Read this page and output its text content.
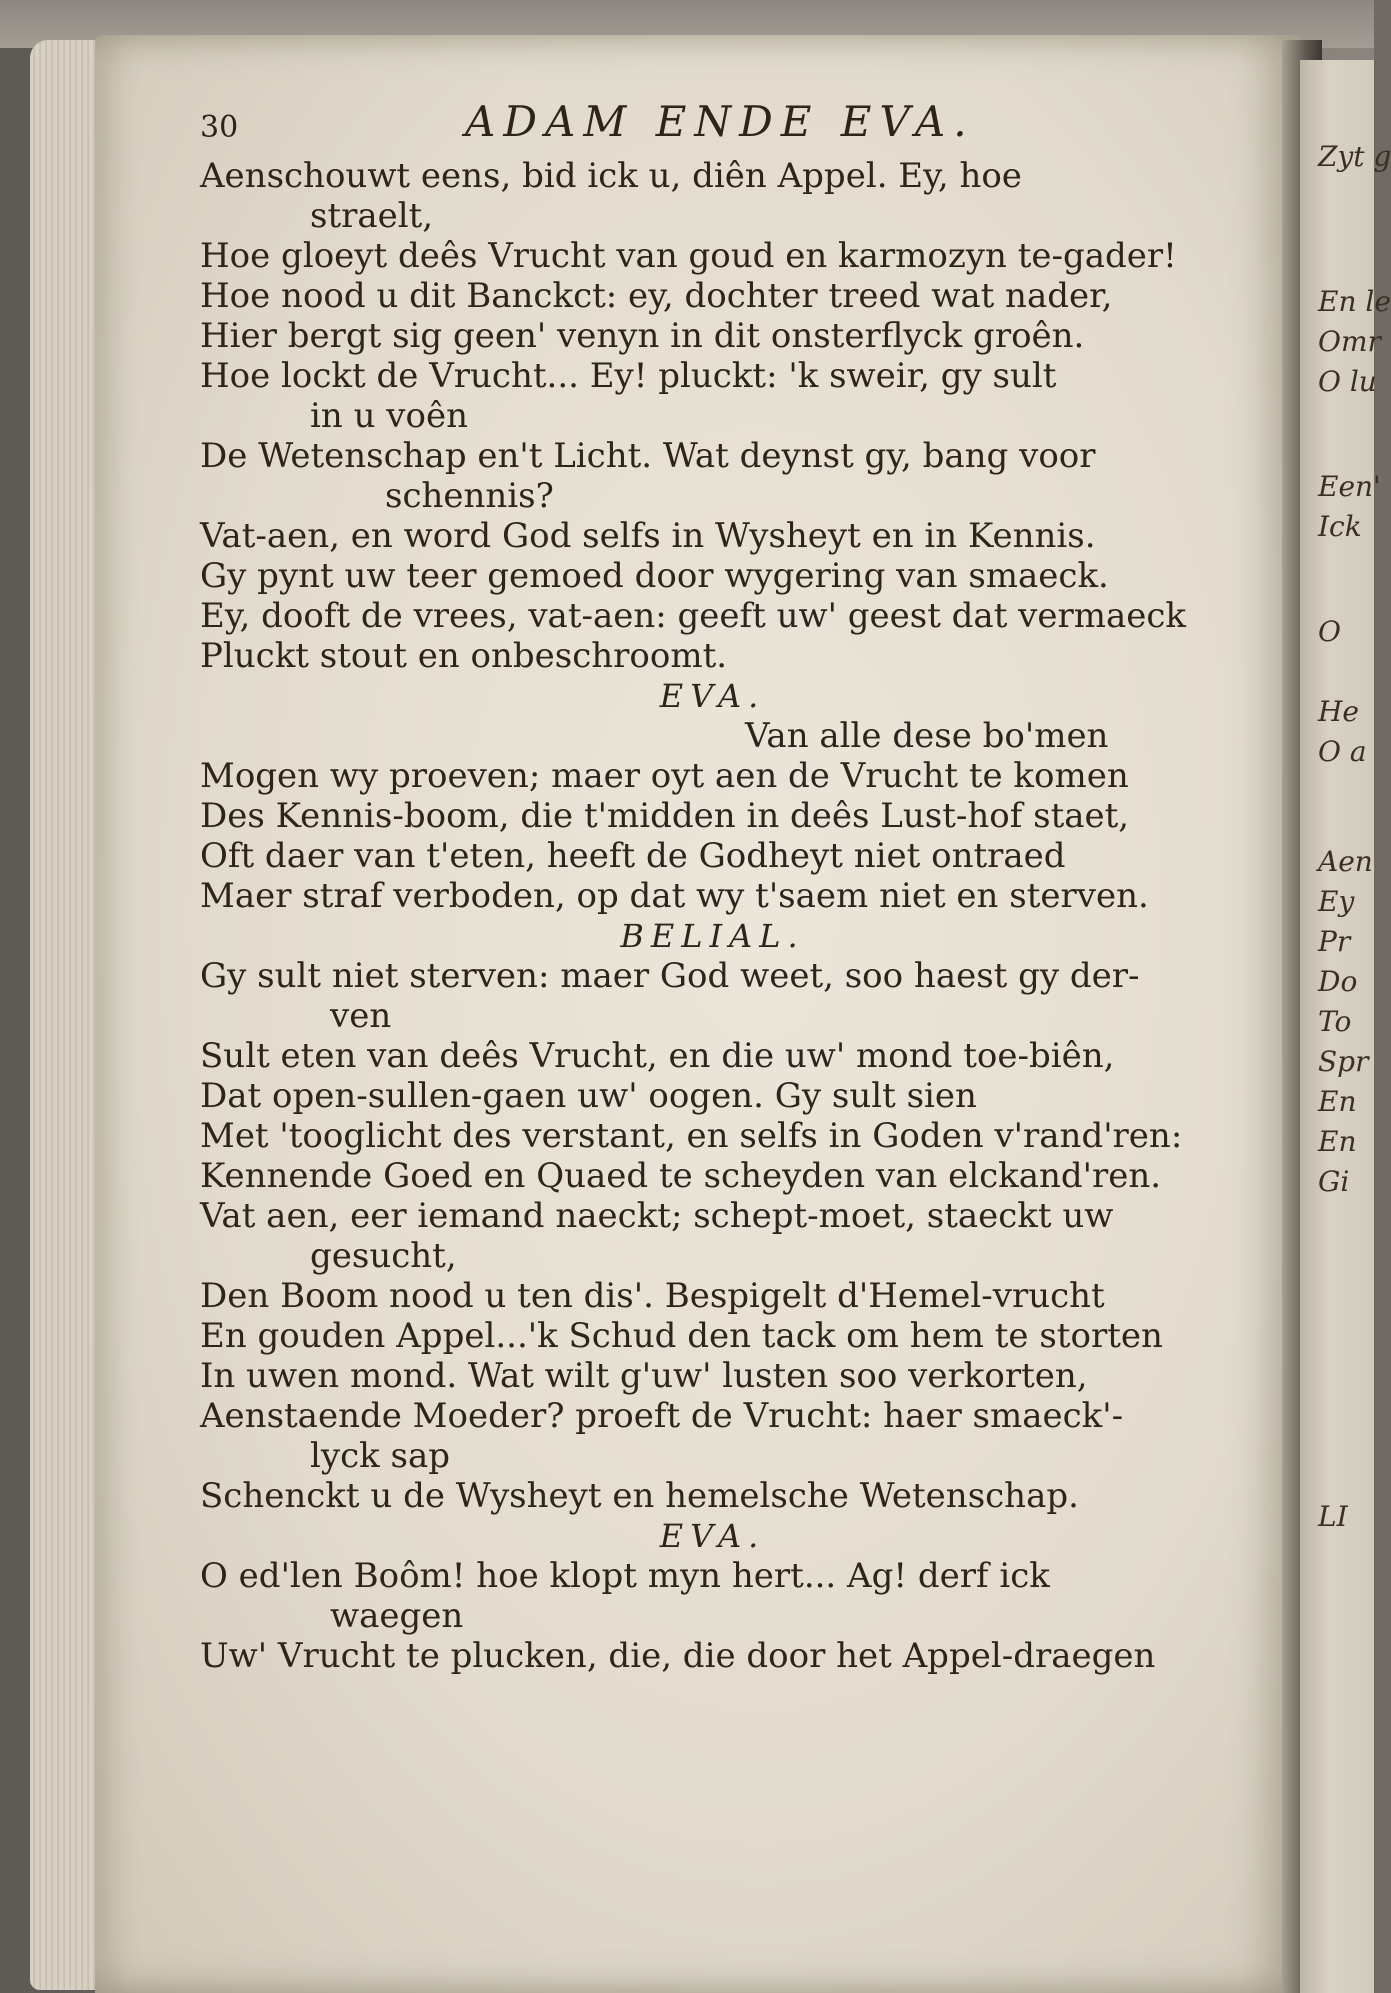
Zyt g
En le
Omr
O lu
Een'
Ick
O
He
O a
Aen
Ey
Pr
Do
To
Spr
En
En
Gi
LI
30	ADAM ENDE EVA.
Aenschouwt eens, bid ick u, diên Appel. Ey, hoe
straelt,
Hoe gloeyt deês Vrucht van goud en karmozyn te-gader!
Hoe nood u dit Banckct: ey, dochter treed wat nader,
Hier bergt sig geen' venyn in dit onsterflyck groên.
Hoe lockt de Vrucht... Ey! pluckt: 'k sweir, gy sult
in u voên
De Wetenschap en't Licht. Wat deynst gy, bang voor
schennis?
Vat-aen, en word God selfs in Wysheyt en in Kennis.
Gy pynt uw teer gemoed door wygering van smaeck.
Ey, dooft de vrees, vat-aen: geeft uw' geest dat vermaeck
Pluckt stout en onbeschroomt.
EVA.
Van alle dese bo'men
Mogen wy proeven; maer oyt aen de Vrucht te komen
Des Kennis-boom, die t'midden in deês Lust-hof staet,
Oft daer van t'eten, heeft de Godheyt niet ontraed
Maer straf verboden, op dat wy t'saem niet en sterven.
BELIAL.
Gy sult niet sterven: maer God weet, soo haest gy der-
ven
Sult eten van deês Vrucht, en die uw' mond toe-biên,
Dat open-sullen-gaen uw' oogen. Gy sult sien
Met 'tooglicht des verstant, en selfs in Goden v'rand'ren:
Kennende Goed en Quaed te scheyden van elckand'ren.
Vat aen, eer iemand naeckt; schept-moet, staeckt uw
gesucht,
Den Boom nood u ten dis'. Bespigelt d'Hemel-vrucht
En gouden Appel...'k Schud den tack om hem te storten
In uwen mond. Wat wilt g'uw' lusten soo verkorten,
Aenstaende Moeder? proeft de Vrucht: haer smaeck'-
lyck sap
Schenckt u de Wysheyt en hemelsche Wetenschap.
EVA.
O ed'len Boôm! hoe klopt myn hert... Ag! derf ick
waegen
Uw' Vrucht te plucken, die, die door het Appel-draegen
